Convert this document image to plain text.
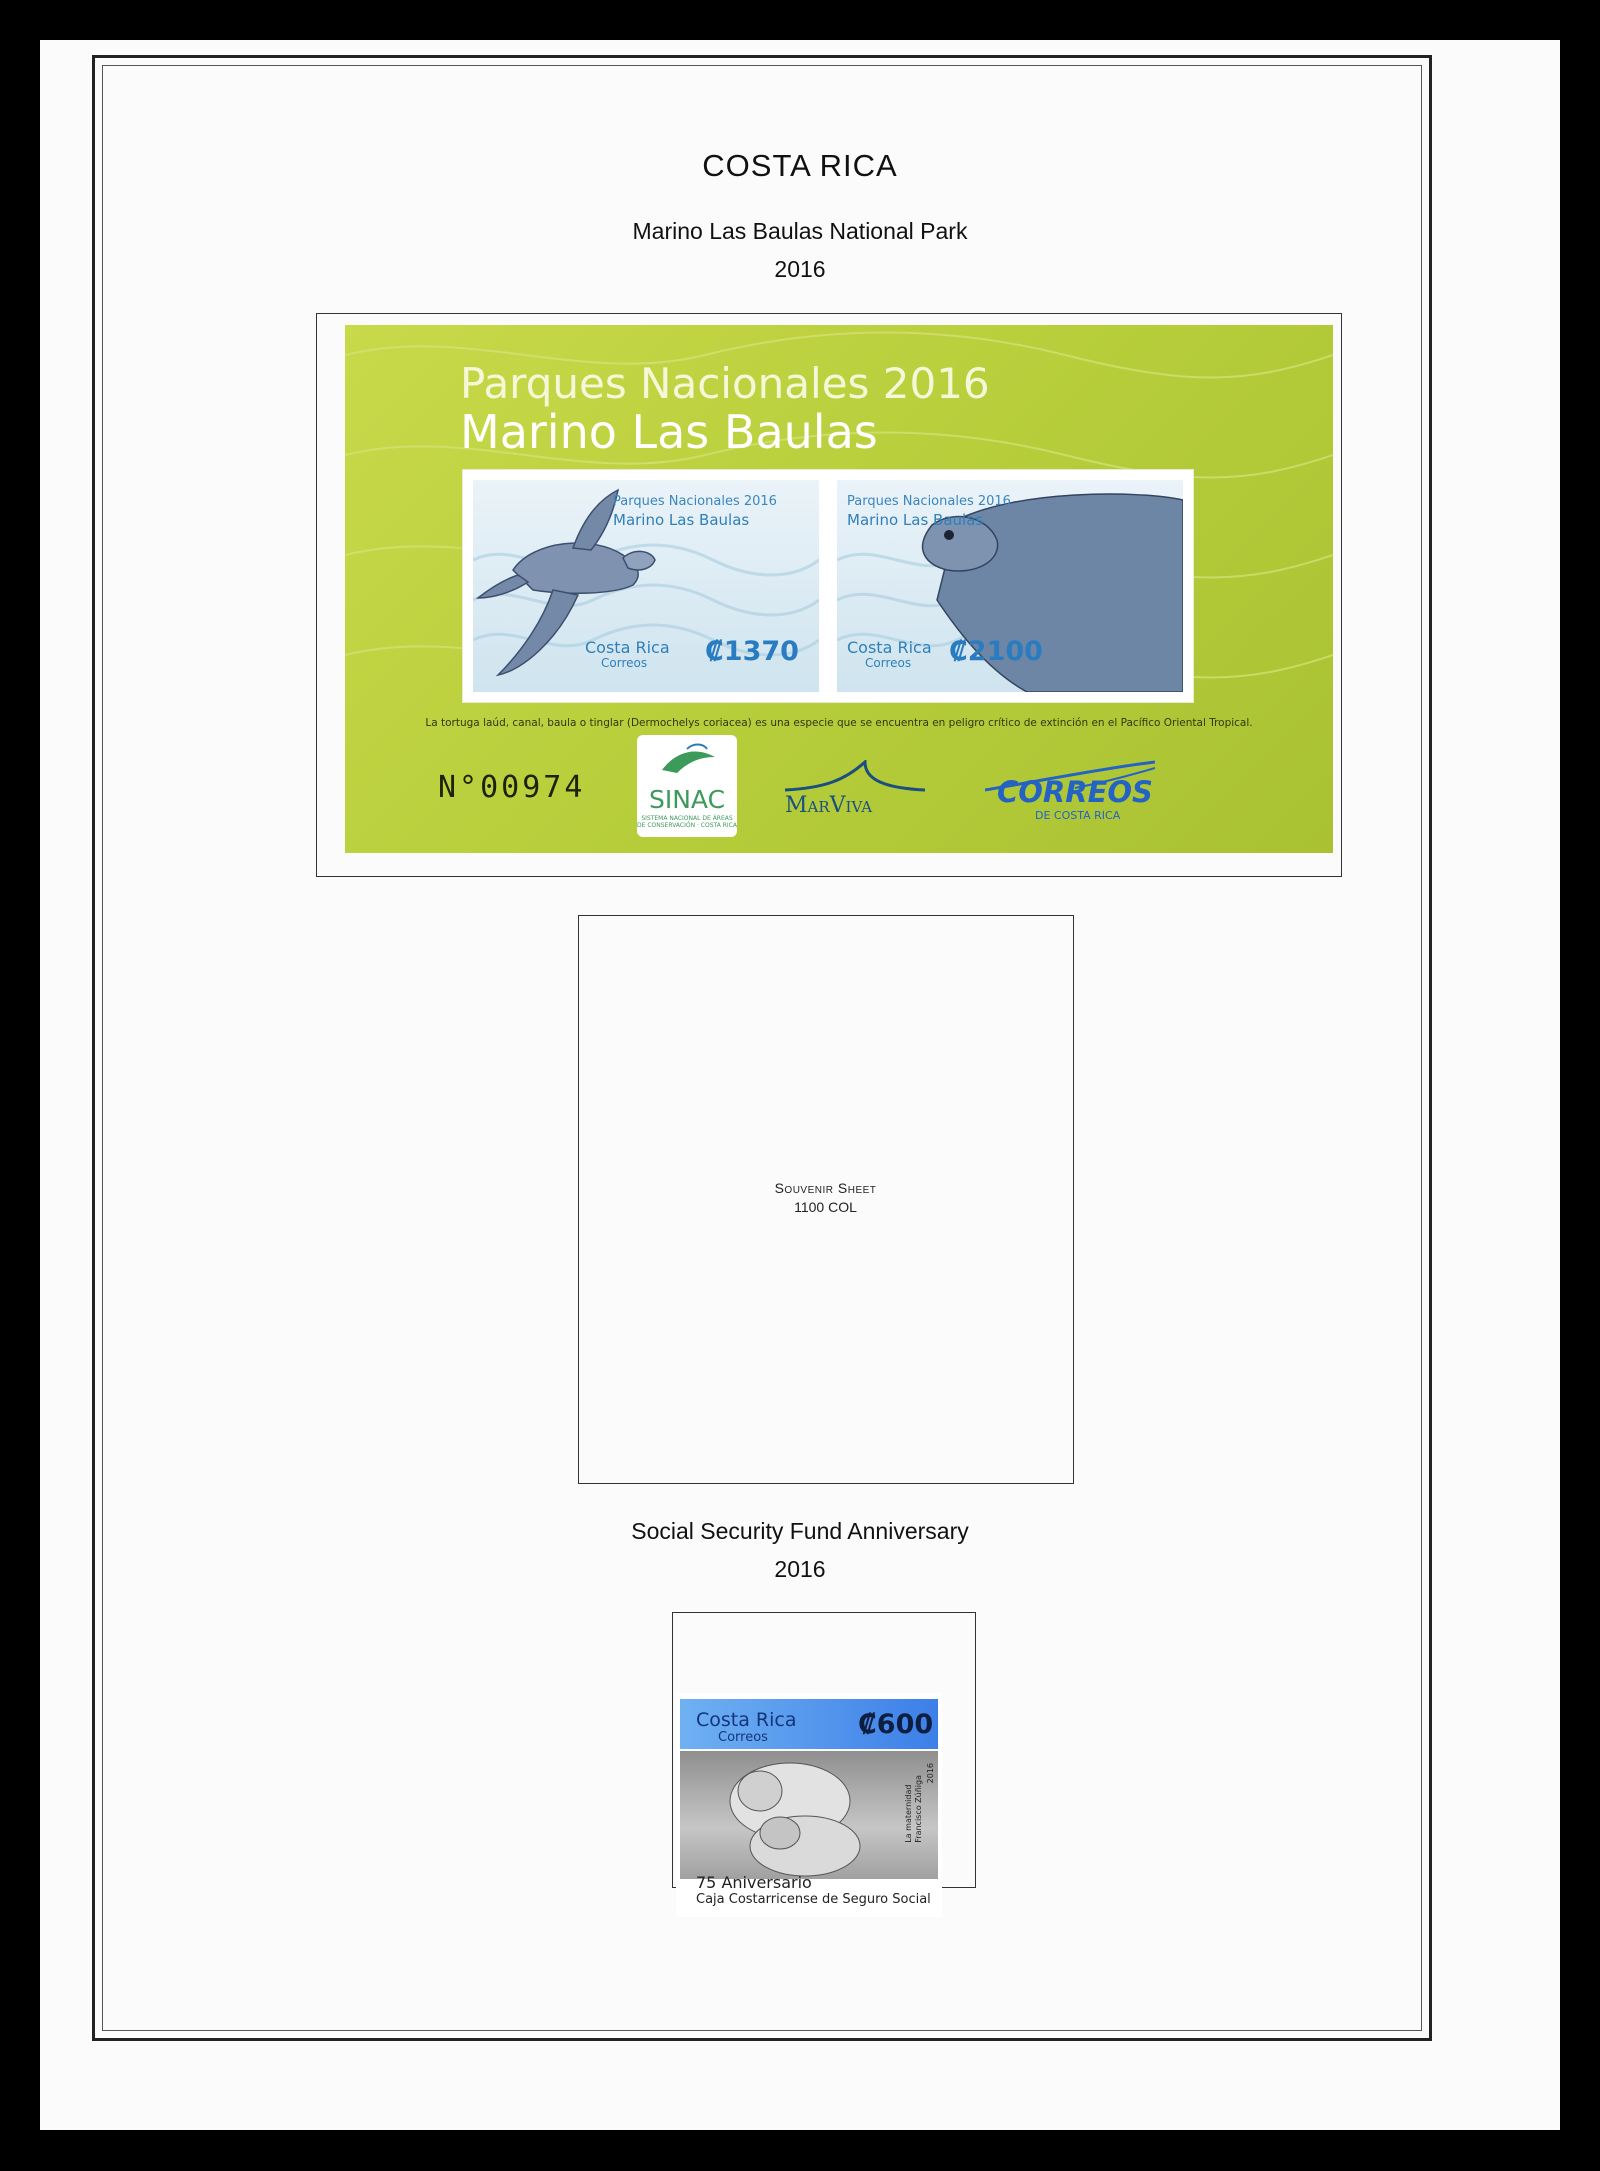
COSTA RICA
Marino Las Baulas National Park
2016
Parques Nacionales 2016
Marino Las Baulas
Parques Nacionales 2016
Marino Las Baulas
Costa Rica
Correos ₡1370
Parques Nacionales 2016
Marino Las Baulas
Costa Rica
Correos ₡2100
La tortuga laúd, canal, baula o tinglar (Dermochelys coriacea) es una especie que se encuentra en peligro crítico de extinción en el Pacífico Oriental Tropical.
N°00974	SINAC
SISTEMA NACIONAL DE ÁREAS DE CONSERVACIÓN · COSTA RICA
MarViva	CORREOS
DE COSTA RICA
Souvenir Sheet
1100 COL
Social Security Fund Anniversary
2016
Costa Rica
Correos	₡600
La maternidad
Francisco Zúñiga
2016
75 Aniversario
Caja Costarricense de Seguro Social
